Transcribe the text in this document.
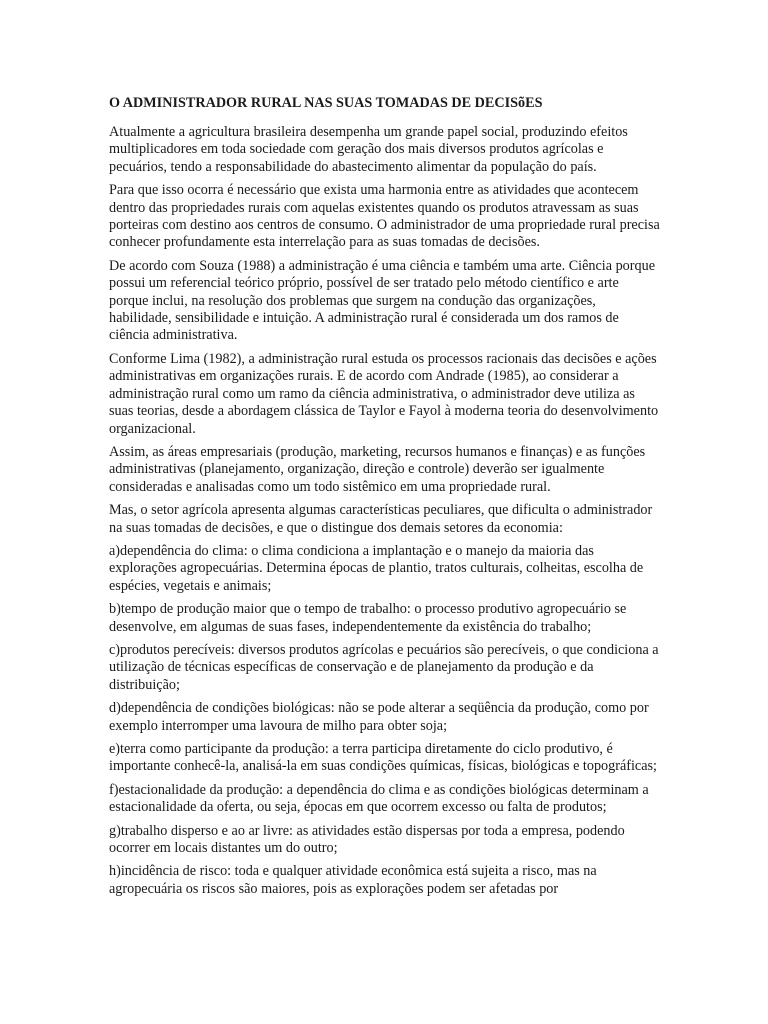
O ADMINISTRADOR RURAL NAS SUAS TOMADAS DE DECISõES

Atualmente a agricultura brasileira desempenha um grande papel social, produzindo efeitos multiplicadores em toda sociedade com geração dos mais diversos produtos agrícolas e pecuários, tendo a responsabilidade do abastecimento alimentar da população do país.

Para que isso ocorra é necessário que exista uma harmonia entre as atividades que acontecem dentro das propriedades rurais com aquelas existentes quando os produtos atravessam as suas porteiras com destino aos centros de consumo. O administrador de uma propriedade rural precisa conhecer profundamente esta interrelação para as suas tomadas de decisões.

De acordo com Souza (1988) a administração é uma ciência e também uma arte. Ciência porque possui um referencial teórico próprio, possível de ser tratado pelo método científico e arte porque inclui, na resolução dos problemas que surgem na condução das organizações, habilidade, sensibilidade e intuição. A administração rural é considerada um dos ramos de ciência administrativa.

Conforme Lima (1982), a administração rural estuda os processos racionais das decisões e ações administrativas em organizações rurais. E de acordo com Andrade (1985), ao considerar a administração rural como um ramo da ciência administrativa, o administrador deve utiliza as suas teorias, desde a abordagem clássica de Taylor e Fayol à moderna teoria do desenvolvimento organizacional.

Assim, as áreas empresariais (produção, marketing, recursos humanos e finanças) e as funções administrativas (planejamento, organização, direção e controle) deverão ser igualmente consideradas e analisadas como um todo sistêmico em uma propriedade rural.

Mas, o setor agrícola apresenta algumas características peculiares, que dificulta o administrador na suas tomadas de decisões, e que o distingue dos demais setores da economia:

a)dependência do clima: o clima condiciona a implantação e o manejo da maioria das explorações agropecuárias. Determina épocas de plantio, tratos culturais, colheitas, escolha de espécies, vegetais e animais;

b)tempo de produção maior que o tempo de trabalho: o processo produtivo agropecuário se desenvolve, em algumas de suas fases, independentemente da existência do trabalho;

c)produtos perecíveis: diversos produtos agrícolas e pecuários são perecíveis, o que condiciona a utilização de técnicas específicas de conservação e de planejamento da produção e da distribuição;

d)dependência de condições biológicas: não se pode alterar a seqüência da produção, como por exemplo interromper uma lavoura de milho para obter soja;

e)terra como participante da produção: a terra participa diretamente do ciclo produtivo, é importante conhecê-la, analisá-la em suas condições químicas, físicas, biológicas e topográficas;

f)estacionalidade da produção: a dependência do clima e as condições biológicas determinam a estacionalidade da oferta, ou seja, épocas em que ocorrem excesso ou falta de produtos;

g)trabalho disperso e ao ar livre: as atividades estão dispersas por toda a empresa, podendo ocorrer em locais distantes um do outro;

h)incidência de risco: toda e qualquer atividade econômica está sujeita a risco, mas na agropecuária os riscos são maiores, pois as explorações podem ser afetadas por
